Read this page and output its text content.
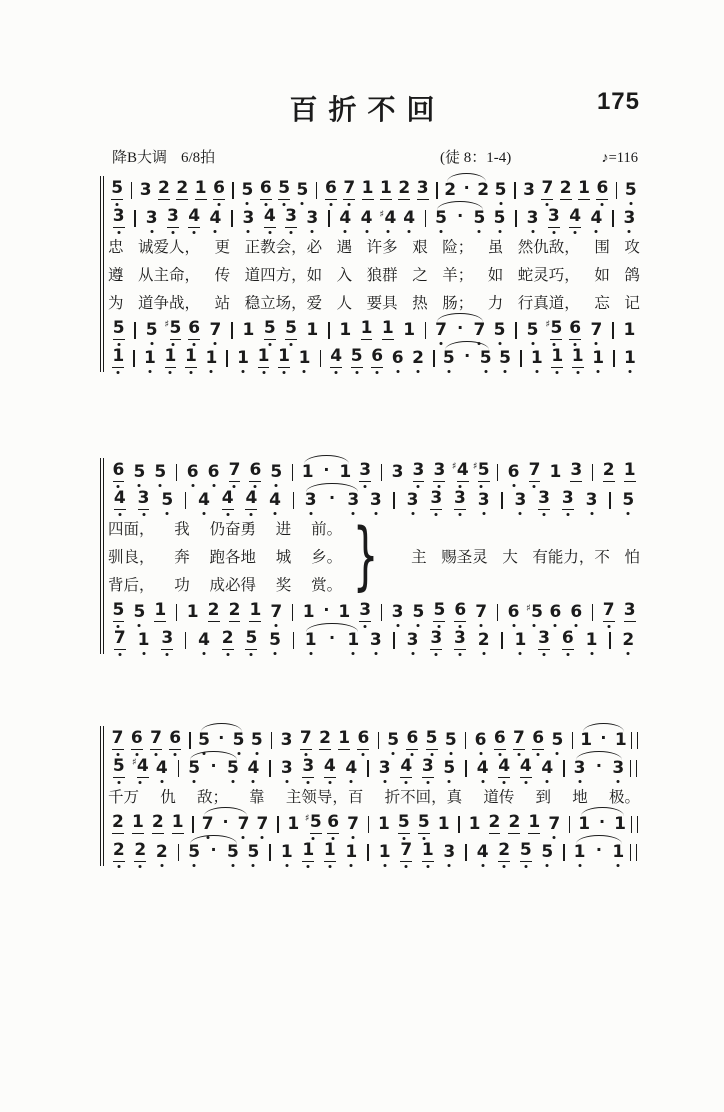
百折不回	175
降B大调 6/8拍	(徒 8：1-4)	♪=116
5 3 2 2 1 6 5 6 5 5 6 7 1 1 2 3 2 · 2 5 3 7 2 1 6 5
3 3 3 4 4 3 4 3 3 4 4 ♯ 4 4 5 · 5 5 3 3 4 4 3
忠 诚爱人， 更 正教会，必 遇 许多 艰 险； 虽 然仇敌， 围 攻
遵 从主命， 传 道四方，如 入 狼群 之 羊； 如 蛇灵巧， 如 鸽
为 道争战， 站 稳立场，爱 人 要具 热 肠； 力 行真道， 忘 记
5 5 ♯ 5 6 7 1 5 5 1 1 1 1 1 7 · 7 5 5 ♯ 5 6 7 1
1 1 1 1 1 1 1 1 1 4 5 6 6 2 5 · 5 5 1 1 1 1 1
6 5 5 6 6 7 6 5 1 · 1 3 3 3 3 ♯ 4 ♯ 5 6 7 1 3 2 1
4 3 5 4 4 4 4 3 · 3 3 3 3 3 3 3 3 3 3 5
四面， 我 仍奋勇 进 前。
驯良， 奔 跑各地 城 乡。
背后， 功 成必得 奖 赏。 } 主 赐圣灵 大 有能力，不 怕
5 5 1 1 2 2 1 7 1 · 1 3 3 5 5 6 7 6 ♯ 5 6 6 7 3
7 1 3 4 2 5 5 1 · 1 3 3 3 3 2 1 3 6 1 2
7 6 7 6 5 · 5 5 3 7 2 1 6 5 6 5 5 6 6 7 6 5 1 · 1
5 ♯ 4 4 5 · 5 4 3 3 4 4 3 4 3 5 4 4 4 4 3 · 3
千万 仇 敌； 靠 主领导，百 折不回，真 道传 到 地 极。
2 1 2 1 7 · 7 7 1 ♯ 5 6 7 1 5 5 1 1 2 2 1 7 1 · 1
2 2 2 5 · 5 5 1 1 1 1 1 7 1 3 4 2 5 5 1 · 1
